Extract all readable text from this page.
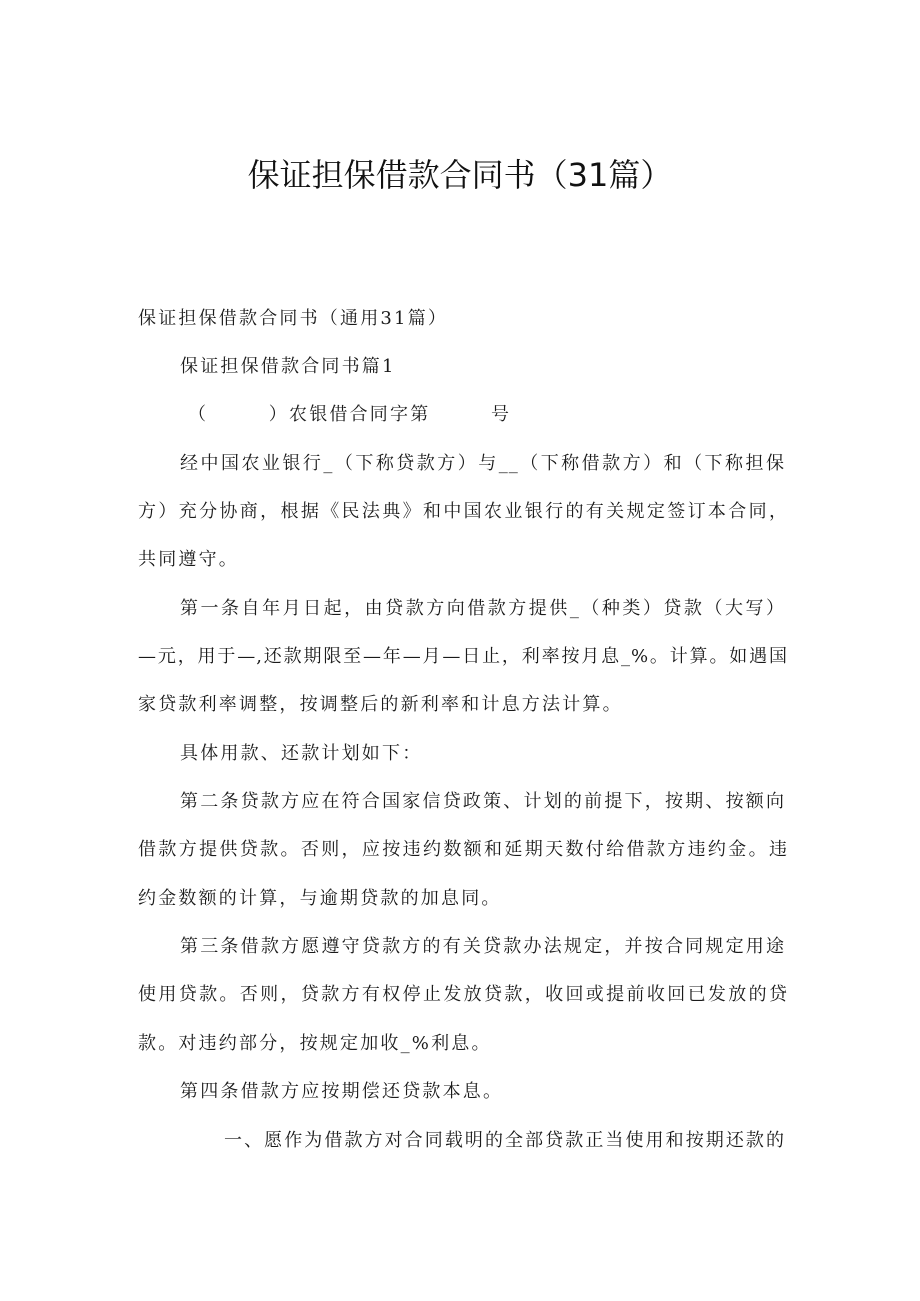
保证担保借款合同书（31篇）
保证担保借款合同书（通用31篇）
保证担保借款合同书篇1
（　　　）农银借合同字第　　　号
经中国农业银行_（下称贷款方）与__（下称借款方）和（下称担保
方）充分协商，根据《民法典》和中国农业银行的有关规定签订本合同，
共同遵守。
第一条自年月日起，由贷款方向借款方提供_（种类）贷款（大写）
—元，用于—,还款期限至—年—月—日止，利率按月息_%。计算。如遇国
家贷款利率调整，按调整后的新利率和计息方法计算。
具体用款、还款计划如下：
第二条贷款方应在符合国家信贷政策、计划的前提下，按期、按额向
借款方提供贷款。否则，应按违约数额和延期天数付给借款方违约金。违
约金数额的计算，与逾期贷款的加息同。
第三条借款方愿遵守贷款方的有关贷款办法规定，并按合同规定用途
使用贷款。否则，贷款方有权停止发放贷款，收回或提前收回已发放的贷
款。对违约部分，按规定加收_%利息。
第四条借款方应按期偿还贷款本息。
一、愿作为借款方对合同载明的全部贷款正当使用和按期还款的
